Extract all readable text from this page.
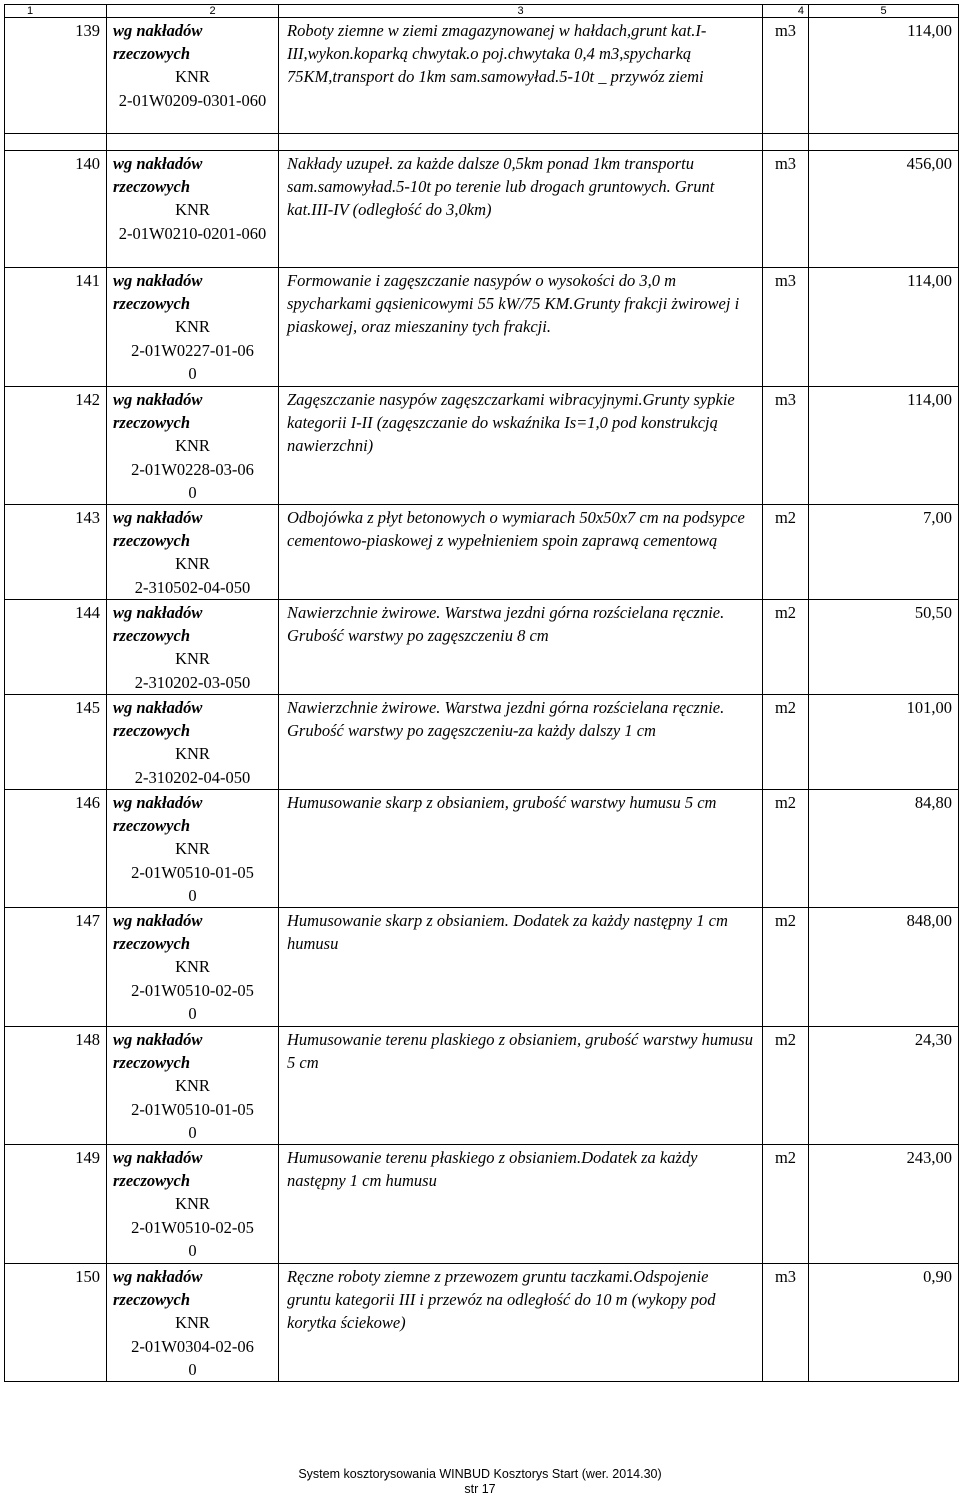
1	2	3	4	5
139	wg nakładów rzeczowych
KNR
2-01W0209-0301-060	Roboty ziemne w ziemi zmagazynowanej w hałdach,grunt kat.I-III,wykon.koparką chwytak.o poj.chwytaka 0,4 m3,spycharką 75KM,transport do 1km sam.samowyład.5-10t _ przywóz ziemi	m3	114,00

140	wg nakładów rzeczowych
KNR
2-01W0210-0201-060	Nakłady uzupeł. za każde dalsze 0,5km ponad 1km transportu sam.samowyład.5-10t po terenie lub drogach gruntowych. Grunt kat.III-IV (odległość do 3,0km)	m3	456,00
141	wg nakładów rzeczowych
KNR
2-01W0227-01-06
0	Formowanie i zagęszczanie nasypów o wysokości do 3,0 m spycharkami gąsienicowymi 55 kW/75 KM.Grunty frakcji żwirowej i piaskowej, oraz mieszaniny tych frakcji.	m3	114,00
142	wg nakładów rzeczowych
KNR
2-01W0228-03-06
0	Zagęszczanie nasypów zagęszczarkami wibracyjnymi.Grunty sypkie kategorii I-II (zagęszczanie do wskaźnika Is=1,0 pod konstrukcją nawierzchni)	m3	114,00
143	wg nakładów rzeczowych
KNR
2-310502-04-050	Odbojówka z płyt betonowych o wymiarach 50x50x7 cm na podsypce cementowo-piaskowej z wypełnieniem spoin zaprawą cementową	m2	7,00
144	wg nakładów rzeczowych
KNR
2-310202-03-050	Nawierzchnie żwirowe. Warstwa jezdni górna rozścielana ręcznie. Grubość warstwy po zagęszczeniu 8 cm	m2	50,50
145	wg nakładów rzeczowych
KNR
2-310202-04-050	Nawierzchnie żwirowe. Warstwa jezdni górna rozścielana ręcznie. Grubość warstwy po zagęszczeniu-za każdy dalszy 1 cm	m2	101,00
146	wg nakładów rzeczowych
KNR
2-01W0510-01-05
0	Humusowanie skarp z obsianiem, grubość warstwy humusu 5 cm	m2	84,80
147	wg nakładów rzeczowych
KNR
2-01W0510-02-05
0	Humusowanie skarp z obsianiem. Dodatek za każdy następny 1 cm humusu	m2	848,00
148	wg nakładów rzeczowych
KNR
2-01W0510-01-05
0	Humusowanie terenu plaskiego z obsianiem, grubość warstwy humusu 5 cm	m2	24,30
149	wg nakładów rzeczowych
KNR
2-01W0510-02-05
0	Humusowanie terenu płaskiego z obsianiem.Dodatek za każdy następny 1 cm humusu	m2	243,00
150	wg nakładów rzeczowych
KNR
2-01W0304-02-06
0	Ręczne roboty ziemne z przewozem gruntu taczkami.Odspojenie gruntu kategorii III i przewóz na odległość do 10 m (wykopy pod korytka ściekowe)	m3	0,90
System kosztorysowania WINBUD Kosztorys Start (wer. 2014.30)
str 17
